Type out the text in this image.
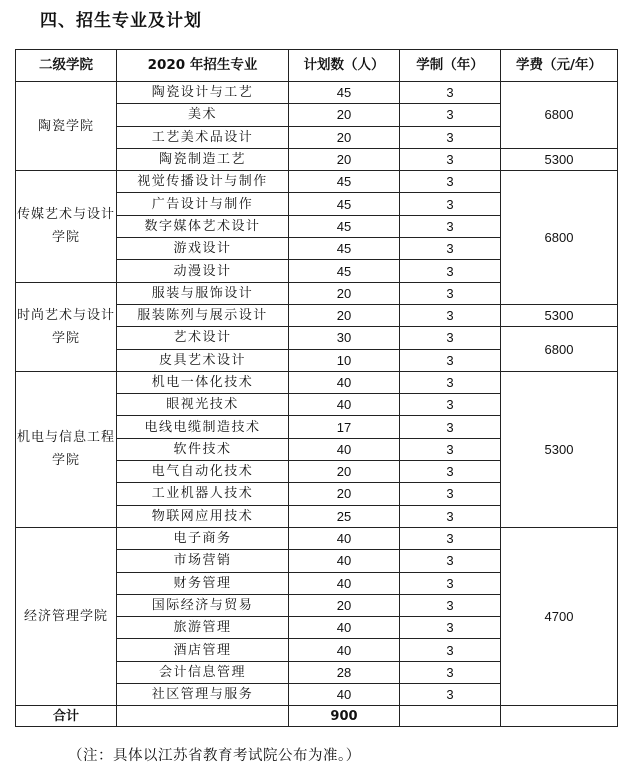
四、招生专业及计划
二级学院	2020 年招生专业	计划数（人）	学制（年）	学费（元/年）
陶瓷学院	陶瓷设计与工艺	45	3	6800
	美术	20	3	
	工艺美术品设计	20	3	
	陶瓷制造工艺	20	3	5300
传媒艺术与设计学院	视觉传播设计与制作	45	3	6800
	广告设计与制作	45	3	
	数字媒体艺术设计	45	3	
	游戏设计	45	3	
	动漫设计	45	3	
时尚艺术与设计学院	服装与服饰设计	20	3	
	服装陈列与展示设计	20	3	5300
	艺术设计	30	3	6800
	皮具艺术设计	10	3	
机电与信息工程学院	机电一体化技术	40	3	5300
	眼视光技术	40	3	
	电线电缆制造技术	17	3	
	软件技术	40	3	
	电气自动化技术	20	3	
	工业机器人技术	20	3	
	物联网应用技术	25	3	
经济管理学院	电子商务	40	3	4700
	市场营销	40	3	
	财务管理	40	3	
	国际经济与贸易	20	3	
	旅游管理	40	3	
	酒店管理	40	3	
	会计信息管理	28	3	
	社区管理与服务	40	3	
合计		900		
（注：具体以江苏省教育考试院公布为准。）
